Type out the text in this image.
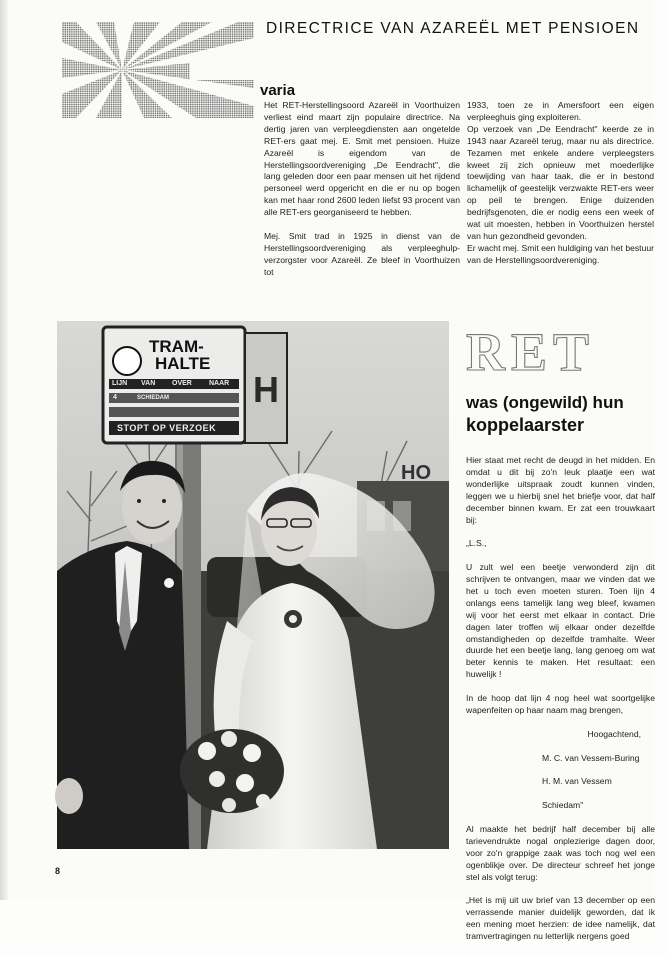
varia
DIRECTRICE VAN AZAREËL MET PENSIOEN

Het RET-Herstellingsoord Azareël in Voorthuizen verliest eind maart zijn populaire directrice. Na dertig jaren van verpleegdiensten aan ongetelde RET-ers gaat mej. E. Smit met pensioen. Huize Azareël is eigendom van de Herstellingsoordvereniging „De Eendracht", die lang geleden door een paar mensen uit het rijdend personeel werd opgericht en die er nu op bogen kan met haar rond 2600 leden liefst 93 procent van alle RET-ers georganiseerd te hebben.

Mej. Smit trad in 1925 in dienst van de Herstellingsoordvereniging als verpleeghulp-verzorgster voor Azareël. Ze bleef in Voorthuizen tot

1933, toen ze in Amersfoort een eigen verpleeghuis ging exploiteren.

Op verzoek van „De Eendracht" keerde ze in 1943 naar Azareël terug, maar nu als directrice. Tezamen met enkele andere verpleegsters kweet zij zich opnieuw met moederlijke toewijding van haar taak, die er in bestond lichamelijk of geestelijk verzwakte RET-ers weer op peil te brengen. Enige duizenden bedrijfsgenoten, die er nodig eens een week of wat uit moesten, hebben in Voorthuizen herstel van hun gezondheid gevonden.

Er wacht mej. Smit een huldiging van het bestuur van de Herstellingsoordvereniging.

HO
TRAM-
HALTE
H
LIJN VAN OVER NAAR
4	SCHIEDAM
STOPT OP VERZOEK
RET
was (ongewild) hun
koppelaarster

Hier staat met recht de deugd in het midden. En omdat u dit bij zo'n leuk plaatje een wat wonderlijke uitspraak zoudt kunnen vinden, leggen we u hierbij snel het briefje voor, dat half december binnen kwam. Er zat een trouwkaart bij:

„L.S.,

U zult wel een beetje verwonderd zijn dit schrijven te ontvangen, maar we vinden dat we het u toch even moeten sturen. Toen lijn 4 onlangs eens tamelijk lang weg bleef, kwamen wij voor het eerst met elkaar in contact. Drie dagen later troffen wij elkaar onder dezelfde omstandigheden op dezelfde tramhalte. Weer duurde het een beetje lang, lang genoeg om wat beter kennis te maken. Het resultaat: een huwelijk !

In de hoop dat lijn 4 nog heel wat soortgelijke wapenfeiten op haar naam mag brengen,

Hoogachtend,

M. C. van Vessem-Buring

H. M. van Vessem

Schiedam"

Al maakte het bedrijf half december bij alle tarievendrukte nogal onplezierige dagen door, voor zo'n grappige zaak was toch nog wel een ogenblikje over. De directeur schreef het jonge stel als volgt terug:

„Het is mij uit uw brief van 13 december op een verrassende manier duidelijk geworden, dat ik een mening moet herzien: de idee namelijk, dat tramvertragingen nu letterlijk nergens goed

8
